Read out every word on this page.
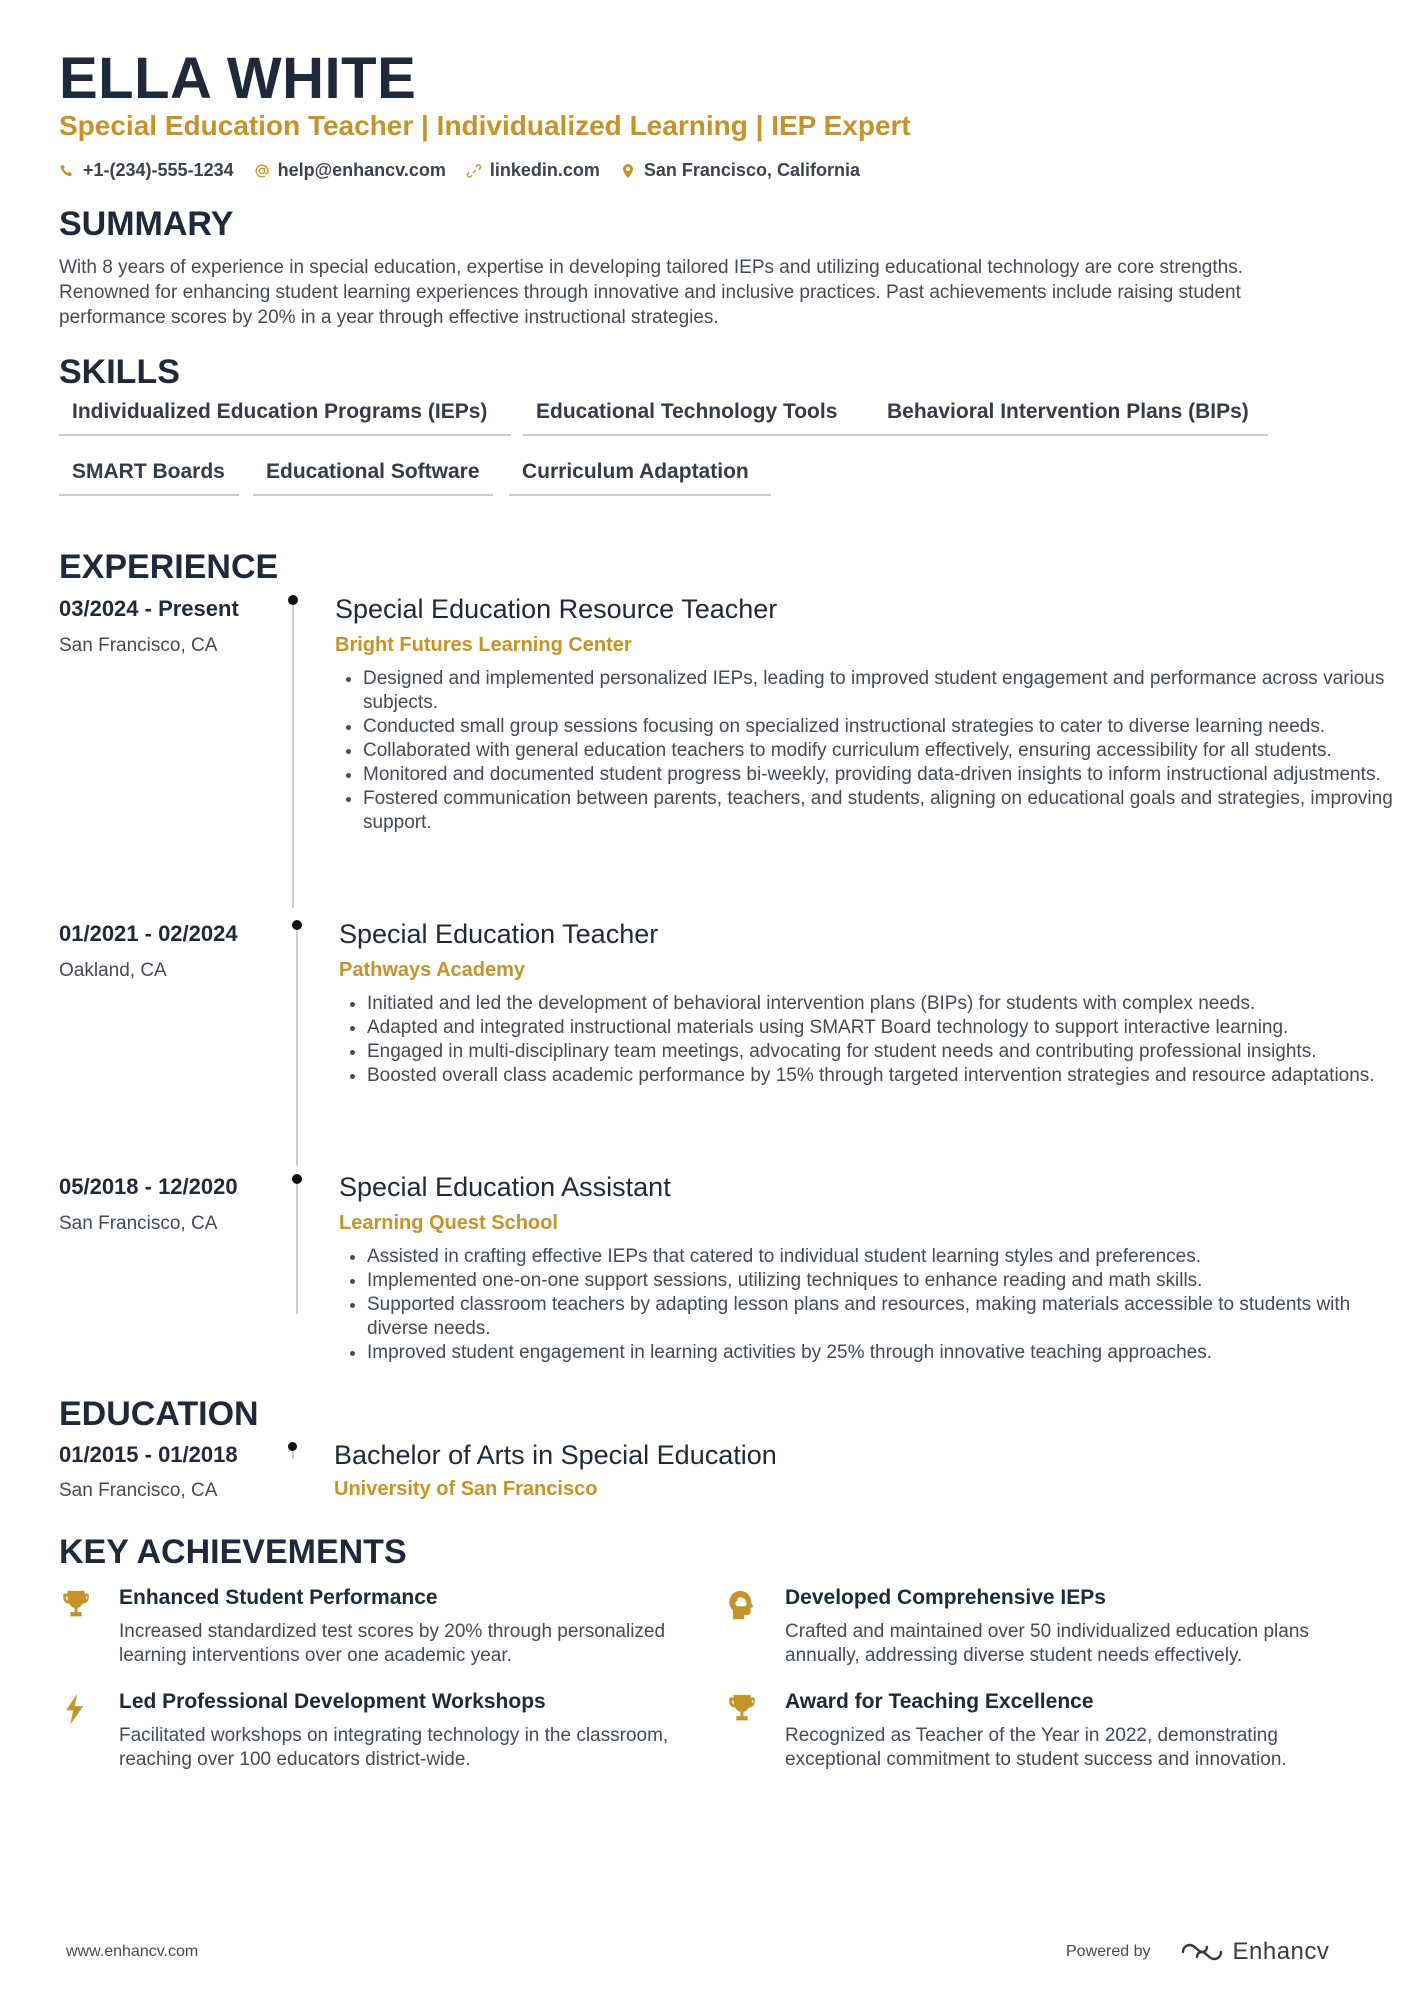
ELLA WHITE
Special Education Teacher | Individualized Learning | IEP Expert
+1-(234)-555-1234 help@enhancv.com linkedin.com San Francisco, California
SUMMARY
With 8 years of experience in special education, expertise in developing tailored IEPs and utilizing educational technology are core strengths. Renowned for enhancing student learning experiences through innovative and inclusive practices. Past achievements include raising student performance scores by 20% in a year through effective instructional strategies.
SKILLS
Individualized Education Programs (IEPs)	Educational Technology Tools	Behavioral Intervention Plans (BIPs)
SMART Boards	Educational Software	Curriculum Adaptation
EXPERIENCE
03/2024 - Present
San Francisco, CA
Special Education Resource Teacher
Bright Futures Learning Center
• Designed and implemented personalized IEPs, leading to improved student engagement and performance across various subjects.
• Conducted small group sessions focusing on specialized instructional strategies to cater to diverse learning needs.
• Collaborated with general education teachers to modify curriculum effectively, ensuring accessibility for all students.
• Monitored and documented student progress bi-weekly, providing data-driven insights to inform instructional adjustments.
• Fostered communication between parents, teachers, and students, aligning on educational goals and strategies, improving support.
01/2021 - 02/2024
Oakland, CA
Special Education Teacher
Pathways Academy
• Initiated and led the development of behavioral intervention plans (BIPs) for students with complex needs.
• Adapted and integrated instructional materials using SMART Board technology to support interactive learning.
• Engaged in multi-disciplinary team meetings, advocating for student needs and contributing professional insights.
• Boosted overall class academic performance by 15% through targeted intervention strategies and resource adaptations.
05/2018 - 12/2020
San Francisco, CA
Special Education Assistant
Learning Quest School
• Assisted in crafting effective IEPs that catered to individual student learning styles and preferences.
• Implemented one-on-one support sessions, utilizing techniques to enhance reading and math skills.
• Supported classroom teachers by adapting lesson plans and resources, making materials accessible to students with diverse needs.
• Improved student engagement in learning activities by 25% through innovative teaching approaches.
EDUCATION
01/2015 - 01/2018
San Francisco, CA
Bachelor of Arts in Special Education
University of San Francisco
KEY ACHIEVEMENTS
Enhanced Student Performance
Increased standardized test scores by 20% through personalized learning interventions over one academic year.
Developed Comprehensive IEPs
Crafted and maintained over 50 individualized education plans annually, addressing diverse student needs effectively.
Led Professional Development Workshops
Facilitated workshops on integrating technology in the classroom, reaching over 100 educators district-wide.
Award for Teaching Excellence
Recognized as Teacher of the Year in 2022, demonstrating exceptional commitment to student success and innovation.
www.enhancv.com	Powered by	Enhancv
